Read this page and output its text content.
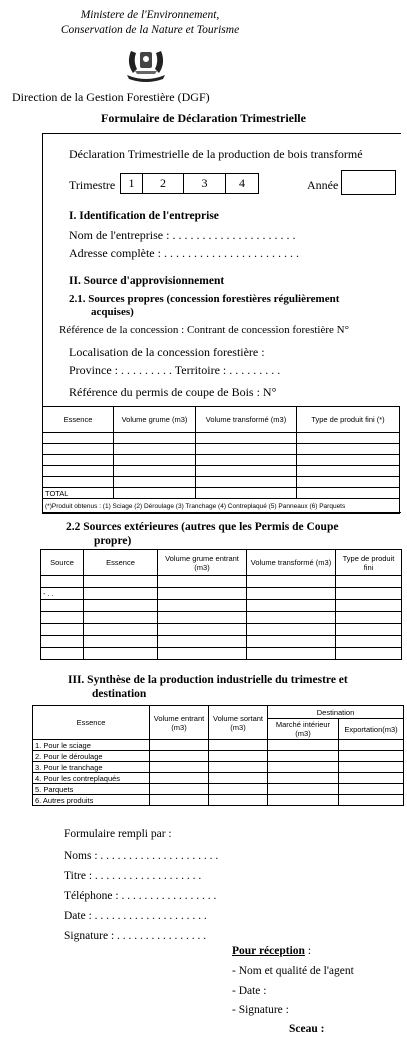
Ministere de l'Environnement,
Conservation de la Nature et Tourisme
Direction de la Gestion Forestière (DGF)
Formulaire de Déclaration Trimestrielle
Déclaration Trimestrielle de la production de bois transformé
Trimestre	1	2	3	4	Année
I. Identification de l'entreprise
Nom de l'entreprise : . . . . . . . . . . . . . . . . . . . . .
Adresse complète : . . . . . . . . . . . . . . . . . . . . . . .
II. Source d'approvisionnement
2.1. Sources propres (concession forestières régulièrement
acquises)
Référence de la concession : Contrant de concession forestière N°
Localisation de la concession forestière :
Province : . . . . . . . . . Territoire : . . . . . . . . .
Référence du permis de coupe de Bois : N°
Essence	Volume grume (m3)	Volume transformé (m3)	Type de produit fini (*)

TOTAL			
(*)Produit obtenus : (1) Sciage (2) Déroulage (3) Tranchage (4) Contreplaqué (5) Panneaux (6) Parquets			
2.2 Sources extérieures (autres que les Permis de Coupe
propre)
Source	Essence	Volume grume entrant (m3)	Volume transformé (m3)	Type de produit fini

- . .				

III. Synthèse de la production industrielle du trimestre et
destination
Essence	Volume entrant (m3)	Volume sortant (m3)	Destination	
			Marché intérieur (m3)	Exportation(m3)
1. Pour le sciage				
2. Pour le déroulage				
3. Pour le tranchage				
4. Pour les contreplaqués				
5. Parquets				
6. Autres produits				
Formulaire rempli par :
Noms : . . . . . . . . . . . . . . . . . . . . .
Titre : . . . . . . . . . . . . . . . . . . .
Téléphone : . . . . . . . . . . . . . . . . .
Date : . . . . . . . . . . . . . . . . . . . .
Signature : . . . . . . . . . . . . . . . .
Pour réception :
- Nom et qualité de l'agent
- Date :
- Signature :
Sceau :
